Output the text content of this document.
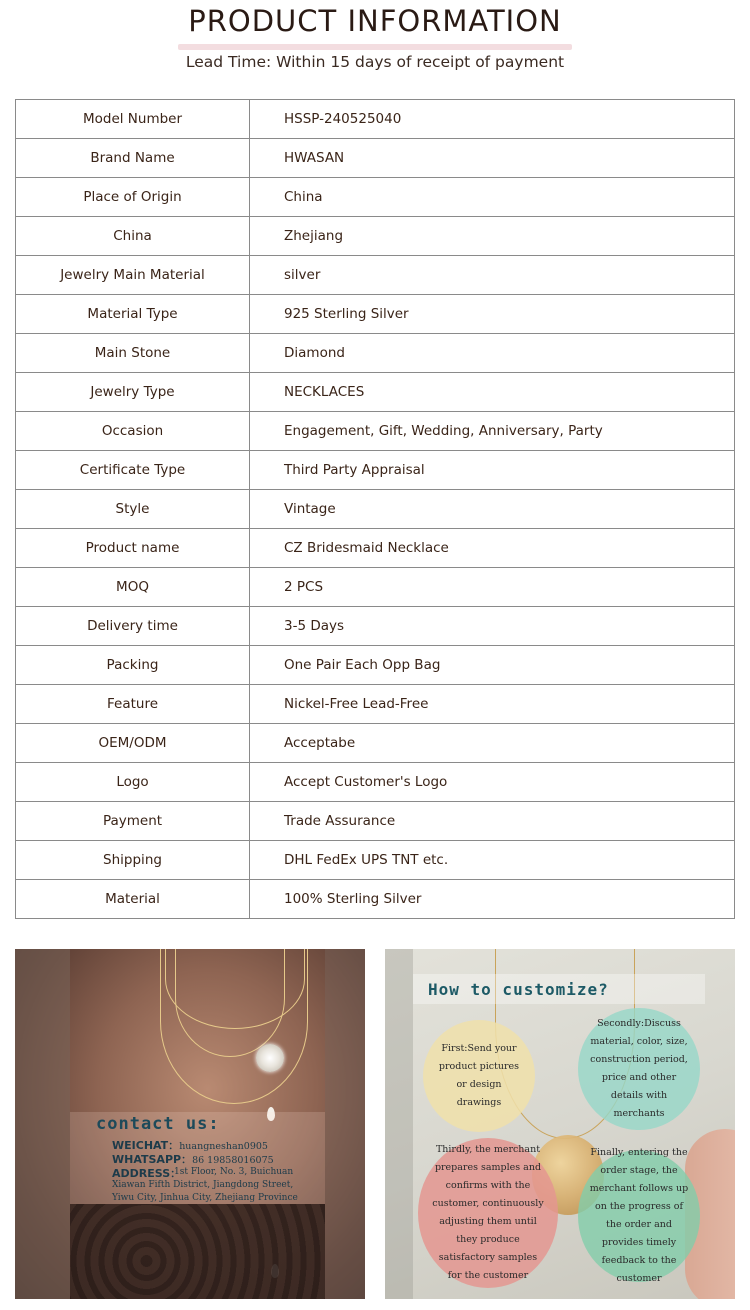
PRODUCT INFORMATION
Lead Time: Within 15 days of receipt of payment
Model Number	HSSP-240525040
Brand Name	HWASAN
Place of Origin	China
China	Zhejiang
Jewelry Main Material	silver
Material Type	925 Sterling Silver
Main Stone	Diamond
Jewelry Type	NECKLACES
Occasion	Engagement, Gift, Wedding, Anniversary, Party
Certificate Type	Third Party Appraisal
Style	Vintage
Product name	CZ Bridesmaid Necklace
MOQ	2 PCS
Delivery time	3-5 Days
Packing	One Pair Each Opp Bag
Feature	Nickel-Free Lead-Free
OEM/ODM	Acceptabe
Logo	Accept Customer's Logo
Payment	Trade Assurance
Shipping	DHL FedEx UPS TNT etc.
Material	100% Sterling Silver
contact us:
WEICHAT：huangneshan0905
WHATSAPP：86 19858016075
ADDRESS：
1st Floor, No. 3, Buichuan Xiawan Fifth District, Jiangdong Street, Yiwu City, Jinhua City, Zhejiang Province
How to customize?
First:Send your product pictures or design drawings
Secondly:Discuss material, color, size, construction period, price and other details with merchants
Thirdly, the merchant prepares samples and confirms with the customer, continuously adjusting them until they produce satisfactory samples for the customer
Finally, entering the order stage, the merchant follows up on the progress of the order and provides timely feedback to the customer
